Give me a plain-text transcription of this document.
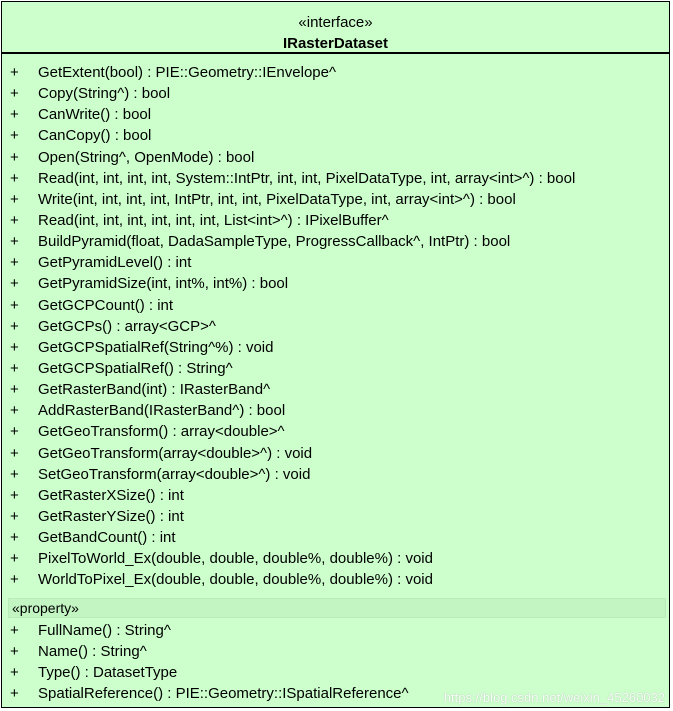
«interface»
IRasterDataset
+ GetExtent(bool) : PIE::Geometry::IEnvelope^
+ Copy(String^) : bool
+ CanWrite() : bool
+ CanCopy() : bool
+ Open(String^, OpenMode) : bool
+ Read(int, int, int, int, System::IntPtr, int, int, PixelDataType, int, array<int>^) : bool
+ Write(int, int, int, int, IntPtr, int, int, PixelDataType, int, array<int>^) : bool
+ Read(int, int, int, int, int, int, List<int>^) : IPixelBuffer^
+ BuildPyramid(float, DadaSampleType, ProgressCallback^, IntPtr) : bool
+ GetPyramidLevel() : int
+ GetPyramidSize(int, int%, int%) : bool
+ GetGCPCount() : int
+ GetGCPs() : array<GCP>^
+ GetGCPSpatialRef(String^%) : void
+ GetGCPSpatialRef() : String^
+ GetRasterBand(int) : IRasterBand^
+ AddRasterBand(IRasterBand^) : bool
+ GetGeoTransform() : array<double>^
+ GetGeoTransform(array<double>^) : void
+ SetGeoTransform(array<double>^) : void
+ GetRasterXSize() : int
+ GetRasterYSize() : int
+ GetBandCount() : int
+ PixelToWorld_Ex(double, double, double%, double%) : void
+ WorldToPixel_Ex(double, double, double%, double%) : void
«property»
+ FullName() : String^
+ Name() : String^
+ Type() : DatasetType
+ SpatialReference() : PIE::Geometry::ISpatialReference^	https://blog.csdn.net/weixin_45260032
